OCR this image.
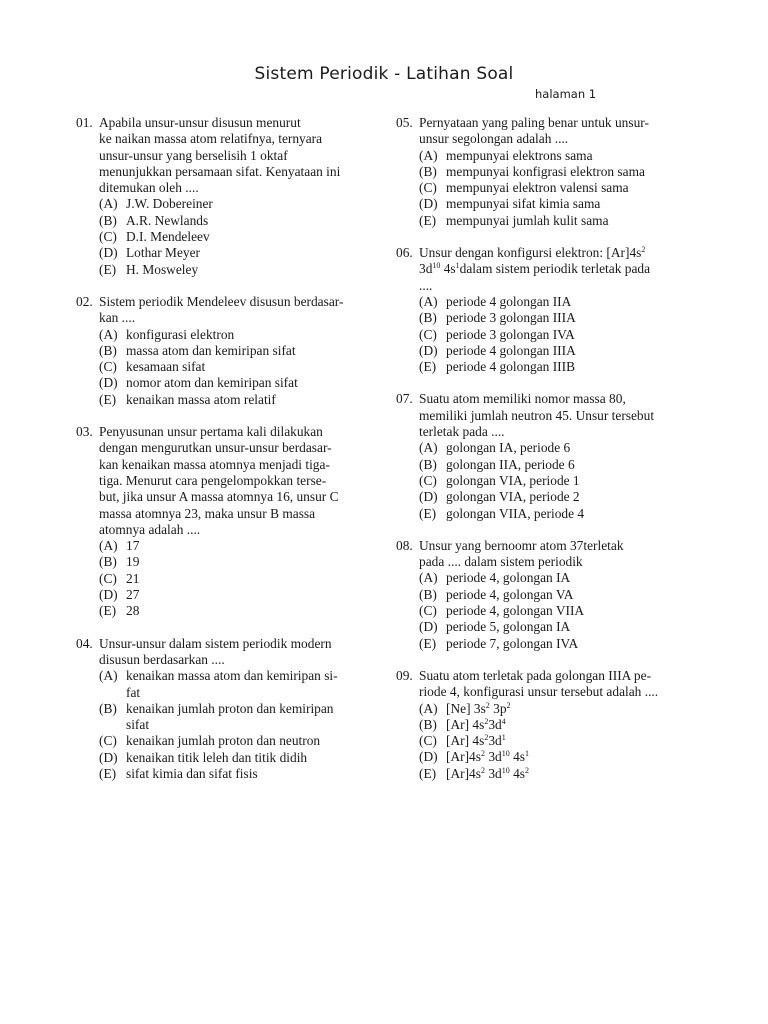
Sistem Periodik - Latihan Soal
halaman 1
01. Apabila unsur-unsur disusun menurut
ke naikan massa atom relatifnya, ternyara
unsur-unsur yang berselisih 1 oktaf
menunjukkan persamaan sifat. Kenyataan ini
ditemukan oleh ....
(A) J.W. Dobereiner
(B) A.R. Newlands
(C) D.I. Mendeleev
(D) Lothar Meyer
(E) H. Mosweley
02. Sistem periodik Mendeleev disusun berdasar-
kan ....
(A) konfigurasi elektron
(B) massa atom dan kemiripan sifat
(C) kesamaan sifat
(D) nomor atom dan kemiripan sifat
(E) kenaikan massa atom relatif
03. Penyusunan unsur pertama kali dilakukan
dengan mengurutkan unsur-unsur berdasar-
kan kenaikan massa atomnya menjadi tiga-
tiga. Menurut cara pengelompokkan terse-
but, jika unsur A massa atomnya 16, unsur C
massa atomnya 23, maka unsur B massa
atomnya adalah ....
(A) 17
(B) 19
(C) 21
(D) 27
(E) 28
04. Unsur-unsur dalam sistem periodik modern
disusun berdasarkan ....
(A) kenaikan massa atom dan kemiripan si-
fat
(B) kenaikan jumlah proton dan kemiripan
sifat
(C) kenaikan jumlah proton dan neutron
(D) kenaikan titik leleh dan titik didih
(E) sifat kimia dan sifat fisis
05. Pernyataan yang paling benar untuk unsur-
unsur segolongan adalah ....
(A) mempunyai elektrons sama
(B) mempunyai konfigrasi elektron sama
(C) mempunyai elektron valensi sama
(D) mempunyai sifat kimia sama
(E) mempunyai jumlah kulit sama
06. Unsur dengan konfigursi elektron: $[Ar]4s^2$
$3d^{10}$ $4s^1dalam$ sistem periodik terletak pada
....
(A) periode 4 golongan IIA
(B) periode 3 golongan IIIA
(C) periode 3 golongan IVA
(D) periode 4 golongan IIIA
(E) periode 4 golongan IIIB
07. Suatu atom memiliki nomor massa 80,
memiliki jumlah neutron 45. Unsur tersebut
terletak pada ....
(A) golongan IA, periode 6
(B) golongan IIA, periode 6
(C) golongan VIA, periode 1
(D) golongan VIA, periode 2
(E) golongan VIIA, periode 4
08. Unsur yang bernoomr atom 37terletak
pada .... dalam sistem periodik
(A) periode 4, golongan IA
(B) periode 4, golongan VA
(C) periode 4, golongan VIIA
(D) periode 5, golongan IA
(E) periode 7, golongan IVA
09. Suatu atom terletak pada golongan IIIA pe-
riode 4, konfigurasi unsur tersebut adalah ....
(A) [Ne] $3s^2$ $3p^2$
(B) [Ar] $4s^23d^4$
(C) [Ar] $4s^23d^1$
(D) $[Ar]4s^2$ $3d^{10}$ $4s^1$
(E) $[Ar]4s^2$ $3d^{10}$ $4s^2$
